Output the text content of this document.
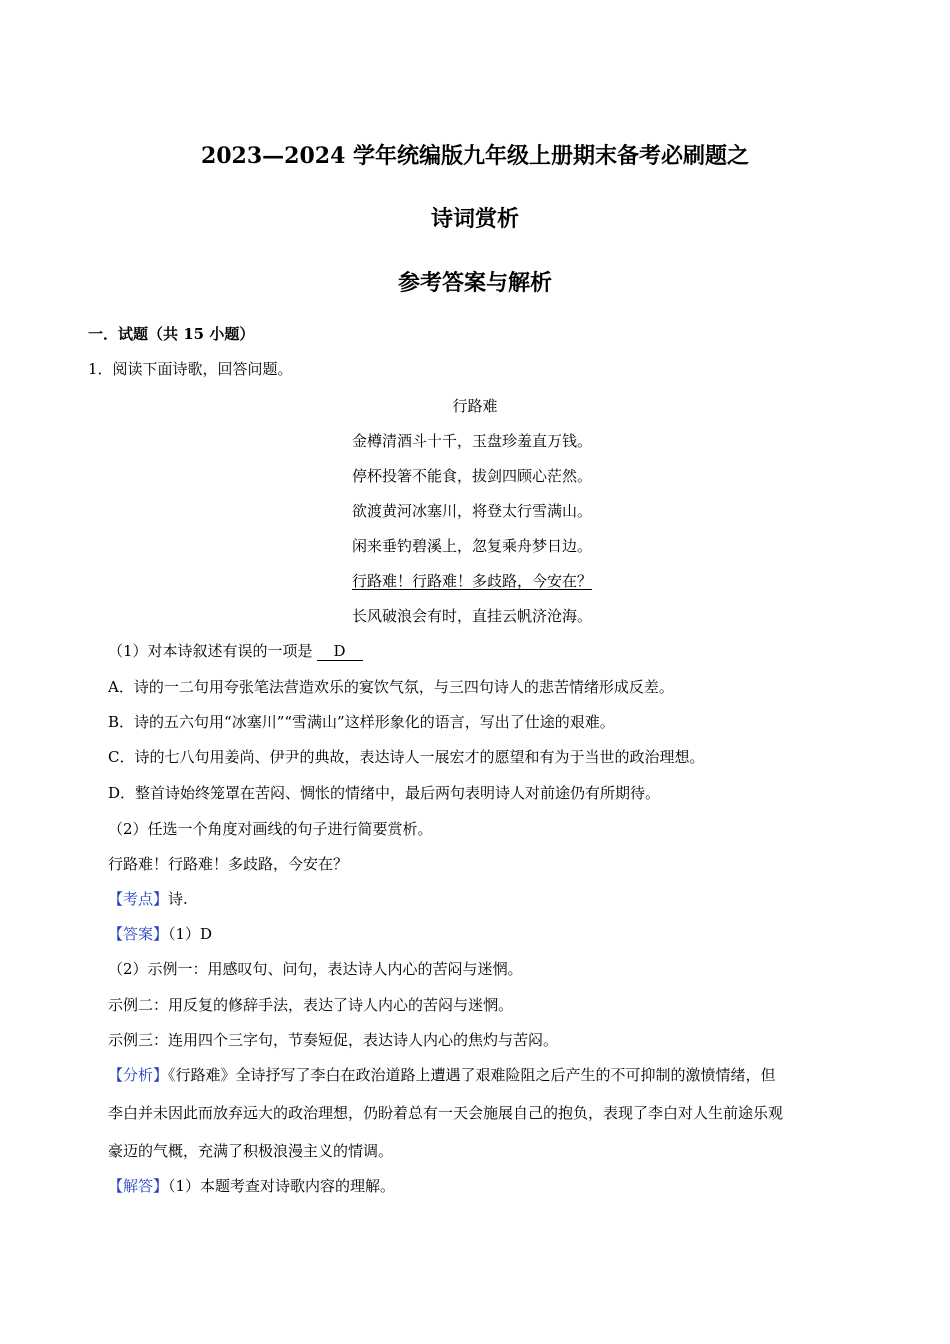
2023—2024 学年统编版九年级上册期末备考必刷题之
诗词赏析
参考答案与解析
一．试题（共 15 小题）
1．阅读下面诗歌，回答问题。
行路难
金樽清酒斗十千，玉盘珍羞直万钱。
停杯投箸不能食，拔剑四顾心茫然。
欲渡黄河冰塞川，将登太行雪满山。
闲来垂钓碧溪上，忽复乘舟梦日边。
行路难！行路难！多歧路，今安在？
长风破浪会有时，直挂云帆济沧海。
（1）对本诗叙述有误的一项是 D
A．诗的一二句用夸张笔法营造欢乐的宴饮气氛，与三四句诗人的悲苦情绪形成反差。
B．诗的五六句用“冰塞川”“雪满山”这样形象化的语言，写出了仕途的艰难。
C．诗的七八句用姜尚、伊尹的典故，表达诗人一展宏才的愿望和有为于当世的政治理想。
D．整首诗始终笼罩在苦闷、惆怅的情绪中，最后两句表明诗人对前途仍有所期待。
（2）任选一个角度对画线的句子进行简要赏析。
行路难！行路难！多歧路，今安在？
【考点】诗.
【答案】（1）D
（2）示例一：用感叹句、问句，表达诗人内心的苦闷与迷惘。
示例二：用反复的修辞手法，表达了诗人内心的苦闷与迷惘。
示例三：连用四个三字句，节奏短促，表达诗人内心的焦灼与苦闷。
【分析】《行路难》全诗抒写了李白在政治道路上遭遇了艰难险阻之后产生的不可抑制的激愤情绪，但
李白并未因此而放弃远大的政治理想，仍盼着总有一天会施展自己的抱负，表现了李白对人生前途乐观
豪迈的气概，充满了积极浪漫主义的情调。
【解答】（1）本题考查对诗歌内容的理解。
